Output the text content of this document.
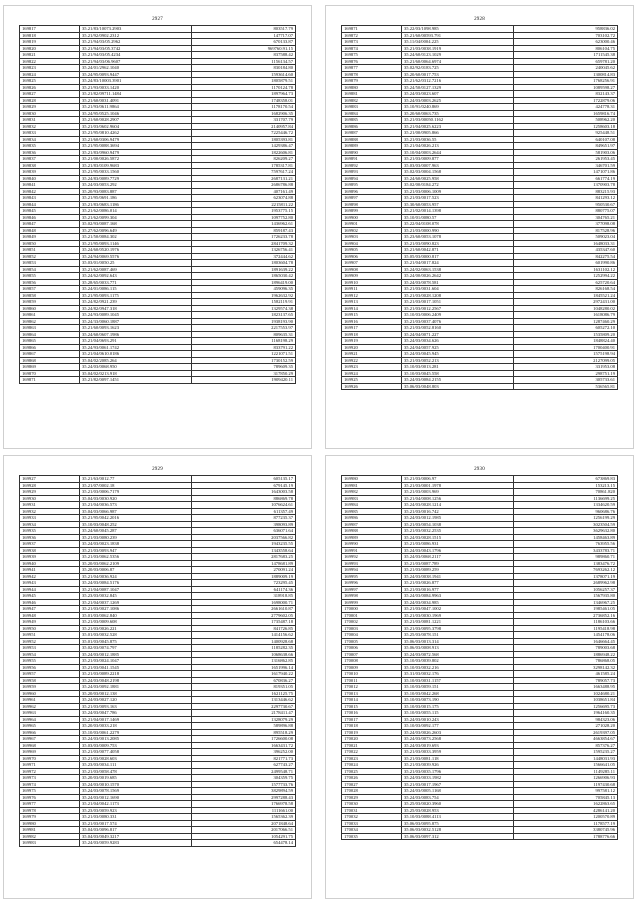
2927
169817	35.21/83/10073.2903	803517.79
169818	35.21/92/0902.2312	147717.07
169819	35.21/94/03/05.2962	670133.87
169820	35.21/94/03/05.3742	969760.91.15
169821	35.21/94/03/05.4234	837588.42
169822	35.21/94/03/06.9607	1156134.57
169823	35.24/01/2962.1040	830184.80
169824	35.24/95/0093.9447	1593614.60
169825	35.24/83/10003.3901	1805879.51
169826	35.21/93/0033.1420	1170124.78
169827	35.21/82/09711.1484	1897964.73
169828	35.21/60/0031.4091	1748358.01
169829	35.21/93/0611.9864	1178170.54
169830	35.24/95/0525.1046	1682906.35
169831	35.21/60/0028.2907	331707.79
169832	35.21/03/0602.9604	2140957.84
169833	35.21/95/0810.4262	7225446.72
169834	35.21/60/0306.9479	1805393.81
169835	35.21/95/0088.3694	1429386.47
169836	35.21/83/0960.9479	1822606.81
169837	35.21/00/0026.5872	826209.27
169838	35.21/83/0109.9683	1785317.81
169839	35.21/95/0033.1560	7597617.24
169840	35.24/83/0089.7729	2687131.21
169841	35.24/03/0053.292	2686786.88
169842	35.20/93/0083.887	407161.49
169843	35.21/95/0691.186	623074.88
169844	35.21/83/0683.1186	2215811.22
169845	35.21/62/0086.014	1953775.15
169846	35.21/62/0099.304	1097752.80
169847	35.02/93/0087.168	1436962.61
169848	35.27/62/0096.649	859187.43
169849	35.21/50/0084.302	1726233.78
169850	35.21/95/0093.1146	2841709.32
169851	35.24/60/0520.1976	1326756.41
169852	35.24/94/0069.5576	372444.62
169853	35.03/01/0050.25	1803604.78
169854	35.21/62/0087.469	1891639.22
169855	35.24/62/0092.643	1865030.42
169856	35.28/65/0033.771	1896419.00
169857	35.24/01/0086.115	459096.35
169858	35.21/95/0093.1175	1962632.92
169859	35.24/82/0921.239	1582119.91
169860	35.24/82/0947.318	1329574.38
169861	35.24/93/0089.1045	1823137.65
169862	35.24/33/0060.1887	1938193.90
169863	35.21/60/0093.1623	2217553.97
169864	35.24/60/0607.1986	809635.31
169865	35.21/04/0693.291	1168198.29
169866	35.24/93/0061.1742	833791.22
169867	35.21/04/0610.0186	1221071.51
169868	35.04/02/2085.264	1730152.59
169869	35.24/03/0068.950	789609.35
169870	35.04/02/0213.918	317850.29
169871	35.21/82/0097.1451	1909420.11
2928
169871	35.22/03/1098.985	958836.02
169872	35.21/60/00593.791	703102.72
169873	35.11/04/0004.225	623000.46
169874	35.21/03/0038.1919	806104.75
169875	35.24/60/0123.1029	1711545.38
169876	35.21/60/0064.6974	659781.20
169877	35.02/92/0183.725	240045.62
169878	35.20/60/0017.753	1300814.83
169879	35.21/62/0312.7216	1768256.91
169880	35.24/50/0127.1329	1089598.27
169881	35.24/03/0023.607	832143.37
169882	35.24/03/0003.2625	1722879.06
169883	35.10/91/0240.869	424778.31
169884	35.20/60/0063.735	1659816.74
169885	35.21/03/00050.1162	508962.20
169886	35.21/04/0025.6223	1258603.18
169887	35.21/00/0905.866	925448.51
169888	35.21/03/0036.55	640107.08
169889	35.21/04/0026.213	849651.97
169890	35.10/04/0003.2644	581903.06
169891	35.21/03/0009.877	261953.45
169892	35.03/03/0007.963	346701.59
169893	35.02/03/0004.1568	1471071.86
169894	35.24/60/0025.958	661774.19
169895	35.02/00/0184.272	1370903.78
169896	35.21/03/0006.1009	883215.93
169897	35.21/03/0017.523	841293.12
169898	35.30/60/0053.957	950530.67
169899	35.21/02/0014.1398	880775.07
169900	35.10/01/0080.57	304765.21
169901	35.22/04/0108.078	377098.08
169902	35.21/03/0000.990	817528.96
169903	35.23/60/0053.1078	509023.04
169904	35.21/03/0090.823	1648033.31
169905	35.21/60/0042.871	435347.60
169906	35.05/03/0000.817	842275.54
169907	35.21/04/0017.824	601990.86
169908	35.24/02/0063.1538	1631102.12
169909	35.24/00/0026.2642	1252994.22
169910	35.24/03/0078.581	625720.64
169911	35.21/03/0031.604	826168.54
169912	35.21/03/0028.1208	1845521.24
169913	35.21/03/0017.1051	2972431.00
169914	35.21/03/0012.2567	1048280.02
169915	35.10/03/0006.2409	1618086.79
169916	35.21/03/0037.4076	1287460.29
169917	35.21/03/0052.8160	605272.10
169918	35.24/04/0071.227	1535809.20
169919	35.24/03/0034.626	1848824.40
169920	35.24/04/0057.925	1700400.91
169921	35.24/03/0045.945	1575198.94
169922	35.21/03/0052.213	2127099.05
169923	35.10/03/0013.281	331953.08
169924	35.10/03/0045.558	298751.19
169925	35.24/03/0084.2155	305733.61
169926	35.06/03/0048.803	536565.81
2929
169927	35.21/63/0012.77	605135.17
169928	35.21/07/0002.18	679145.19
169929	35.21/03/0006.7179	1643003.58
169930	35.04/03/0030.920	886869.78
169931	35.21/04/0036.573	1076624.61
169932	35.04/03/0066.987	611357.49
169933	35.21/95/0042.2016	877235.37
169934	35.10/03/0048.252	398093.89
169935	35.24/60/0045.287	636071.64
169936	35.21/03/0080.239	2037566.82
169937	35.24/03/0023.1838	1943235.55
169938	35.21/03/0093.947	1343558.64
169939	35.21/03/0062.5356	2817683.25
169940	35.20/03/0062.2109	1478681.89
169941	35.20/03/0006.87	270091.24
169942	35.21/04/0036.924	1889009.19
169943	35.24/03/0084.5176	723295.45
169944	35.21/04/0087.1047	641174.36
169945	35.23/03/0032.845	318918.85
169946	35.21/04/0037.1269	1698000.71
169947	35.21/03/0027.1086	2661610.87
169948	35.01/03/0062.840	2779602.05
169949	35.21/03/0009.608	1735487.18
169950	35.21/03/0026.221	841726.85
169951	35.01/03/0032.528	1414156.62
169952	35.01/03/0045.875	1400928.68
169953	35.02/03/0074.797	1185282.35
169954	35.24/03/0012.1885	1068638.66
169955	35.21/03/0024.1047	1316862.85
169956	35.21/03/0041.1545	1651996.14
169957	35.21/03/0089.2218	1617940.22
169958	35.24/03/0048.2198	670836.27
169959	35.24/03/0092.1881	819351.05
169960	35.20/03/0012.138	1621125.75
169961	35.24/03/0027.120	1313446.62
169962	35.21/03/0093.163	2297730.67
169963	35.24/03/0047.786	2178411.47
169964	35.21/04/0017.1469	1328079.29
169965	35.20/03/0033.218	589896.88
169966	35.10/03/0061.2279	895518.29
169967	35.24/03/0013.2085	1726600.08
169968	35.03/03/0009.753	1663431.72
169969	35.21/03/0077.4058	396252.00
169970	35.21/03/0028.603	821771.73
169971	35.23/03/0034.111	627743.27
169972	35.21/03/0058.478	2499548.71
169973	35.20/03/0019.685	304359.75
169974	35.24/03/0010.1570	1577733.76
169975	35.24/03/0078.1569	3829894.59
169976	35.24/03/0012.1690	2997288.43
169977	35.21/04/0042.1173	1766978.58
169978	35.23/03/0059.923	1111661.00
169979	35.21/03/0080.331	1565362.39
169980	35.21/03/0017.574	2071848.64
169981	35.04/03/0096.817	2017066.51
169982	35.04/03/0049.3217	1054291.75
169983	35.24/03/0059.9283	654478.14
2930
169980	35.21/03/0006.97	673869.83
169981	35.21/03/0001.1978	153213.15
169982	35.21/03/0003.969	70861.820
169983	35.21/04/0008.1256	1136699.25
169984	35.24/03/0028.1214	1334620.59
169985	35.21/03/0016.742	960686.76
169986	35.24/03/0012.1985	1256199.29
169987	35.21/03/0054.1038	3023504.59
169988	35.21/03/0032.2535	3629632.80
169989	35.24/03/0028.1515	1458463.89
169990	35.21/03/0086.931	763955.56
169991	35.24/03/0043.1796	3433783.71
169992	35.24/03/0068.2117	989860.71
169993	35.21/03/0087.789	1383476.72
169994	35.21/03/0089.259	7693262.12
169995	35.24/03/0038.1941	1378071.19
169996	35.21/03/0026.877	2689962.98
169997	35.21/03/0016.977	1056257.37
169998	35.24/03/0084.9963	1567935.80
169999	35.24/03/0034.985	1346967.25
170000	35.21/03/0047.1002	1985461.05
170001	35.21/03/0030.1969	2736852.16
170002	35.21/03/0081.1221	1186103.66
170003	35.21/03/0095.3798	1195418.98
170004	35.25/03/0078.151	1454178.06
170005	35.06/03/0013.314	1646664.45
170006	35.06/03/0008.913	789003.68
170007	35.24/03/0072.568	1886948.22
170008	35.10/03/0039.802	786868.05
170009	35.10/03/0032.216	3298142.32
170010	35.31/03/0032.176	461585.24
170011	35.10/03/0031.1157	789057.73
170012	35.10/03/0059.151	1663488.95
170013	35.10/03/0042.268	1024680.21
170014	35.10/03/0073.190	1038651.84
170015	35.10/03/0015.175	1256695.73
170016	35.10/03/0055.115	1964160.35
170017	35.24/03/0010.243	984323.06
170018	35.10/03/0092.177	271028.20
170019	35.24/03/0026.2603	2619397.05
170020	35.24/03/0073.2568	4663854.67
170021	35.24/03/0019.693	857376.27
170022	35.21/03/0033.3959	1595235.27
170023	35.21/03/0081.118	1448031.93
170024	35.21/03/0039.926	1566641.05
170025	35.21/03/0035.1796	1149285.11
170026	35.24/03/0033.1982	1266906.93
170027	35.21/03/0017.1967	1197430.68
170028	35.24/03/0005.1168	997581.12
170029	35.24/03/0083.754	705845.13
170030	35.25/03/0020.3960	1622863.65
170031	35.25/03/0028.953	4286141.20
170032	35.10/03/0088.4113	1200570.89
170033	35.06/03/0095.875	1178577.19
170034	35.06/03/0032.5128	3380745.96
170035	35.06/03/0097.312	1788776.66
